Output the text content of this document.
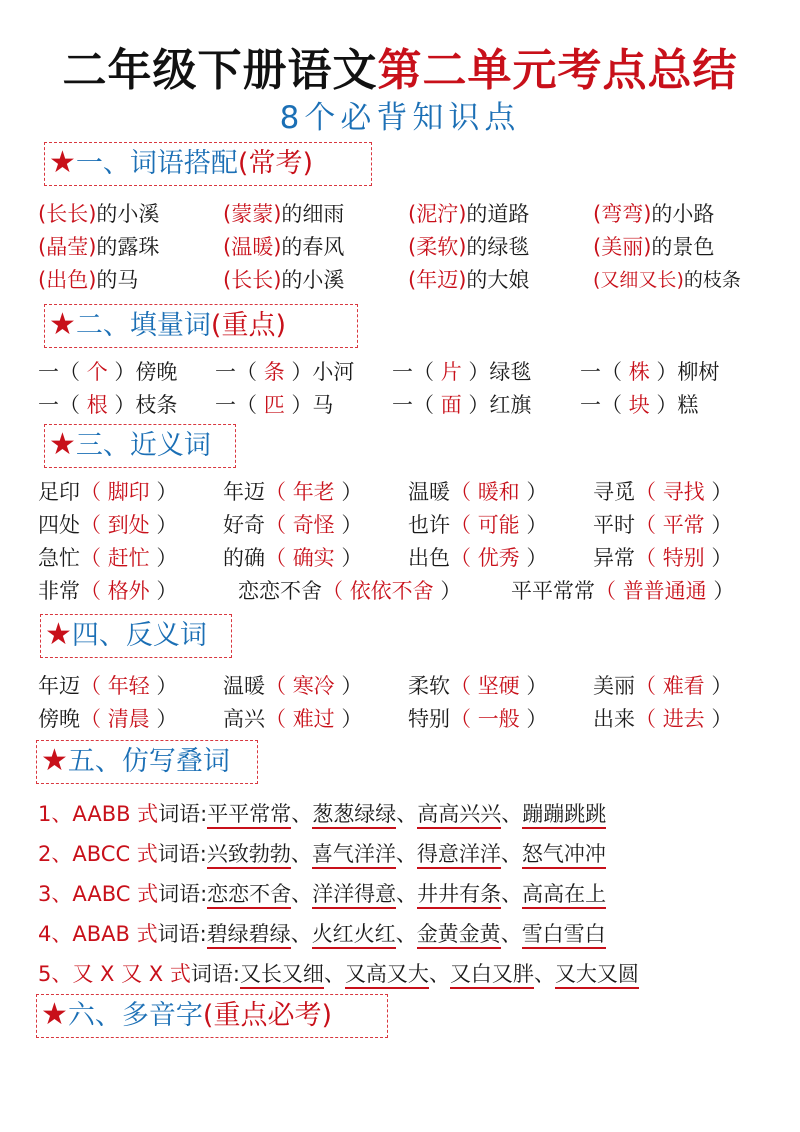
二年级下册语文第二单元考点总结
8个必背知识点
★一、词语搭配(常考)
(长长)的小溪	(蒙蒙)的细雨	(泥泞)的道路	(弯弯)的小路
(晶莹)的露珠	(温暖)的春风	(柔软)的绿毯	(美丽)的景色
(出色)的马	(长长)的小溪	(年迈)的大娘	(又细又长)的枝条
★二、填量词(重点)
一（ 个 ）傍晚	一（ 条 ）小河	一（ 片 ）绿毯	一（ 株 ）柳树
一（ 根 ）枝条	一（ 匹 ）马	一（ 面 ）红旗	一（ 块 ）糕
★三、近义词
足印（ 脚印 ）	年迈（ 年老 ）	温暖（ 暖和 ）	寻觅（ 寻找 ）
四处（ 到处 ）	好奇（ 奇怪 ）	也许（ 可能 ）	平时（ 平常 ）
急忙（ 赶忙 ）	的确（ 确实 ）	出色（ 优秀 ）	异常（ 特别 ）
非常（ 格外 ）	恋恋不舍（ 依依不舍 ）	平平常常（ 普普通通 ）
★四、反义词
年迈（ 年轻 ）	温暖（ 寒冷 ）	柔软（ 坚硬 ）	美丽（ 难看 ）
傍晚（ 清晨 ）	高兴（ 难过 ）	特别（ 一般 ）	出来（ 进去 ）
★五、仿写叠词
1、AABB 式词语:平平常常、葱葱绿绿、高高兴兴、蹦蹦跳跳
2、ABCC 式词语:兴致勃勃、喜气洋洋、得意洋洋、怒气冲冲
3、AABC 式词语:恋恋不舍、洋洋得意、井井有条、高高在上
4、ABAB 式词语:碧绿碧绿、火红火红、金黄金黄、雪白雪白
5、又 X 又 X 式词语:又长又细、又高又大、又白又胖、又大又圆
★六、多音字(重点必考)
